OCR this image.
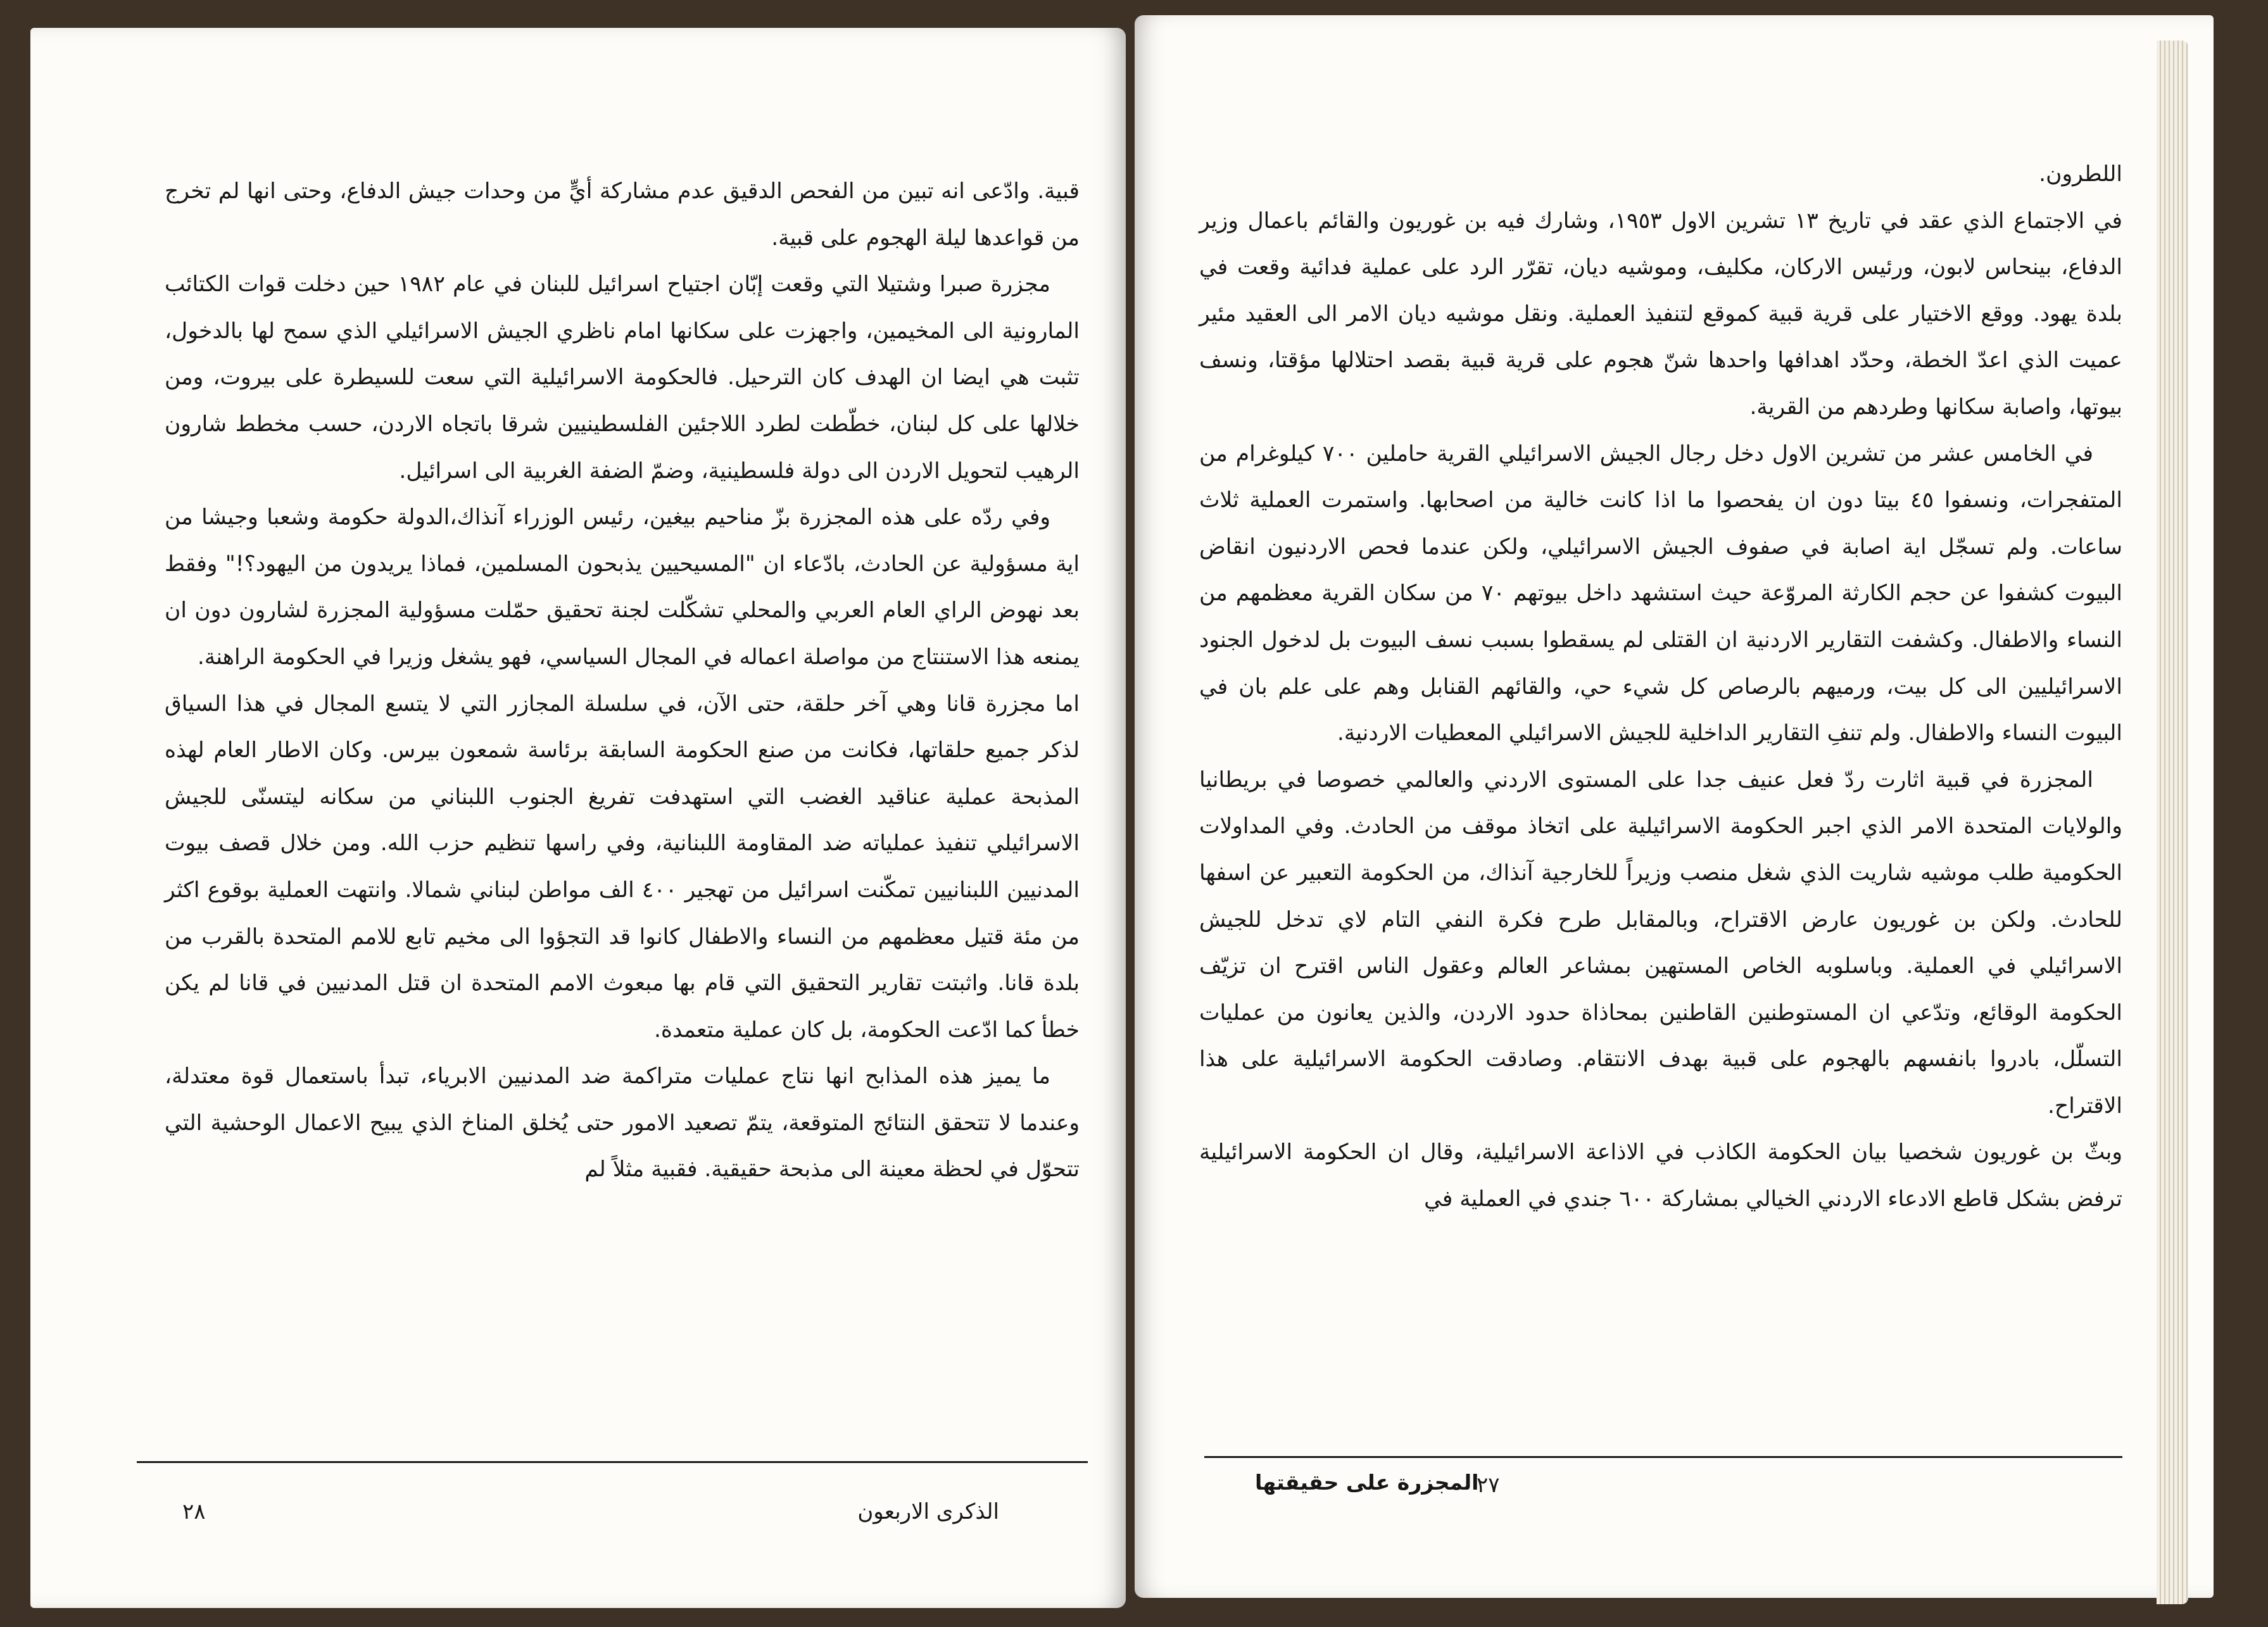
قبية. وادّعى انه تبين من الفحص الدقيق عدم مشاركة أيٍّ من وحدات جيش الدفاع، وحتى انها لم تخرج من قواعدها ليلة الهجوم على قبية.

مجزرة صبرا وشتيلا التي وقعت إبّان اجتياح اسرائيل للبنان في عام ١٩٨٢ حين دخلت قوات الكتائب المارونية الى المخيمين، واجهزت على سكانها امام ناظري الجيش الاسرائيلي الذي سمح لها بالدخول، تثبت هي ايضا ان الهدف كان الترحيل. فالحكومة الاسرائيلية التي سعت للسيطرة على بيروت، ومن خلالها على كل لبنان، خطّطت لطرد اللاجئين الفلسطينيين شرقا باتجاه الاردن، حسب مخطط شارون الرهيب لتحويل الاردن الى دولة فلسطينية، وضمّ الضفة الغربية الى اسرائيل.

وفي ردّه على هذه المجزرة بزّ مناحيم بيغين، رئيس الوزراء آنذاك،الدولة حكومة وشعبا وجيشا من اية مسؤولية عن الحادث، بادّعاء ان "المسيحيين يذبحون المسلمين، فماذا يريدون من اليهود؟!" وفقط بعد نهوض الراي العام العربي والمحلي تشكّلت لجنة تحقيق حمّلت مسؤولية المجزرة لشارون دون ان يمنعه هذا الاستنتاج من مواصلة اعماله في المجال السياسي، فهو يشغل وزيرا في الحكومة الراهنة.

اما مجزرة قانا وهي آخر حلقة، حتى الآن، في سلسلة المجازر التي لا يتسع المجال في هذا السياق لذكر جميع حلقاتها، فكانت من صنع الحكومة السابقة برئاسة شمعون بيرس. وكان الاطار العام لهذه المذبحة عملية عناقيد الغضب التي استهدفت تفريغ الجنوب اللبناني من سكانه ليتسنّى للجيش الاسرائيلي تنفيذ عملياته ضد المقاومة اللبنانية، وفي راسها تنظيم حزب الله. ومن خلال قصف بيوت المدنيين اللبنانيين تمكّنت اسرائيل من تهجير ٤٠٠ الف مواطن لبناني شمالا. وانتهت العملية بوقوع اكثر من مئة قتيل معظمهم من النساء والاطفال كانوا قد التجؤوا الى مخيم تابع للامم المتحدة بالقرب من بلدة قانا. واثبتت تقارير التحقيق التي قام بها مبعوث الامم المتحدة ان قتل المدنيين في قانا لم يكن خطأ كما ادّعت الحكومة، بل كان عملية متعمدة.

ما يميز هذه المذابح انها نتاج عمليات متراكمة ضد المدنيين الابرياء، تبدأ باستعمال قوة معتدلة، وعندما لا تتحقق النتائج المتوقعة، يتمّ تصعيد الامور حتى يُخلق المناخ الذي يبيح الاعمال الوحشية التي تتحوّل في لحظة معينة الى مذبحة حقيقية. فقبية مثلاً لم

الذكرى الاربعون
٢٨

اللطرون.

في الاجتماع الذي عقد في تاريخ ١٣ تشرين الاول ١٩٥٣، وشارك فيه بن غوريون والقائم باعمال وزير الدفاع، بينحاس لابون، ورئيس الاركان، مكليف، وموشيه ديان، تقرّر الرد على عملية فدائية وقعت في بلدة يهود. ووقع الاختيار على قرية قبية كموقع لتنفيذ العملية. ونقل موشيه ديان الامر الى العقيد مئير عميت الذي اعدّ الخطة، وحدّد اهدافها واحدها شنّ هجوم على قرية قبية بقصد احتلالها مؤقتا، ونسف بيوتها، واصابة سكانها وطردهم من القرية.

في الخامس عشر من تشرين الاول دخل رجال الجيش الاسرائيلي القرية حاملين ٧٠٠ كيلوغرام من المتفجرات، ونسفوا ٤٥ بيتا دون ان يفحصوا ما اذا كانت خالية من اصحابها. واستمرت العملية ثلاث ساعات. ولم تسجّل اية اصابة في صفوف الجيش الاسرائيلي، ولكن عندما فحص الاردنيون انقاض البيوت كشفوا عن حجم الكارثة المروّعة حيث استشهد داخل بيوتهم ٧٠ من سكان القرية معظمهم من النساء والاطفال. وكشفت التقارير الاردنية ان القتلى لم يسقطوا بسبب نسف البيوت بل لدخول الجنود الاسرائيليين الى كل بيت، ورميهم بالرصاص كل شيء حي، والقائهم القنابل وهم على علم بان في البيوت النساء والاطفال. ولم تنفِ التقارير الداخلية للجيش الاسرائيلي المعطيات الاردنية.

المجزرة في قبية اثارت ردّ فعل عنيف جدا على المستوى الاردني والعالمي خصوصا في بريطانيا والولايات المتحدة الامر الذي اجبر الحكومة الاسرائيلية على اتخاذ موقف من الحادث. وفي المداولات الحكومية طلب موشيه شاريت الذي شغل منصب وزيراً للخارجية آنذاك، من الحكومة التعبير عن اسفها للحادث. ولكن بن غوريون عارض الاقتراح، وبالمقابل طرح فكرة النفي التام لاي تدخل للجيش الاسرائيلي في العملية. وباسلوبه الخاص المستهين بمشاعر العالم وعقول الناس اقترح ان تزيّف الحكومة الوقائع، وتدّعي ان المستوطنين القاطنين بمحاذاة حدود الاردن، والذين يعانون من عمليات التسلّل، بادروا بانفسهم بالهجوم على قبية بهدف الانتقام. وصادقت الحكومة الاسرائيلية على هذا الاقتراح.

وبثّ بن غوريون شخصيا بيان الحكومة الكاذب في الاذاعة الاسرائيلية، وقال ان الحكومة الاسرائيلية ترفض بشكل قاطع الادعاء الاردني الخيالي بمشاركة ٦٠٠ جندي في العملية في

المجزرة على حقيقتها
٢٧
